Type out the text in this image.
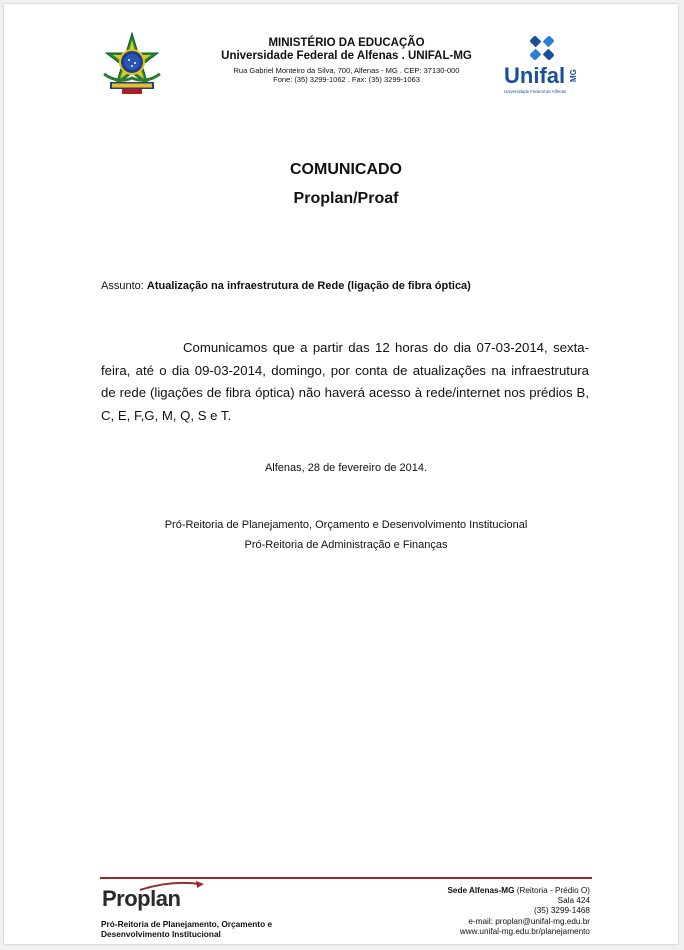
MINISTÉRIO DA EDUCAÇÃO
Universidade Federal de Alfenas . UNIFAL-MG
Rua Gabriel Monteiro da Silva, 700, Alfenas - MG . CEP: 37130-000
Fone: (35) 3299-1062 . Fax: (35) 3299-1063	Unifal MG
Universidade Federal de Alfenas
COMUNICADO
Proplan/Proaf
Assunto: Atualização na infraestrutura de Rede (ligação de fibra óptica)
Comunicamos que a partir das 12 horas do dia 07-03-2014, sexta-feira, até o dia 09-03-2014, domingo, por conta de atualizações na infraestrutura de rede (ligações de fibra óptica) não haverá acesso à rede/internet nos prédios B, C, E, F,G, M, Q, S e T.
Alfenas, 28 de fevereiro de 2014.
Pró-Reitoria de Planejamento, Orçamento e Desenvolvimento Institucional
Pró-Reitoria de Administração e Finanças
Proplan
Pró-Reitoria de Planejamento, Orçamento e
Desenvolvimento Institucional
Sede Alfenas-MG (Reitoria - Prédio O)
Sala 424
(35) 3299-1468
e-mail: proplan@unifal-mg.edu.br
www.unifal-mg.edu.br/planejamento
